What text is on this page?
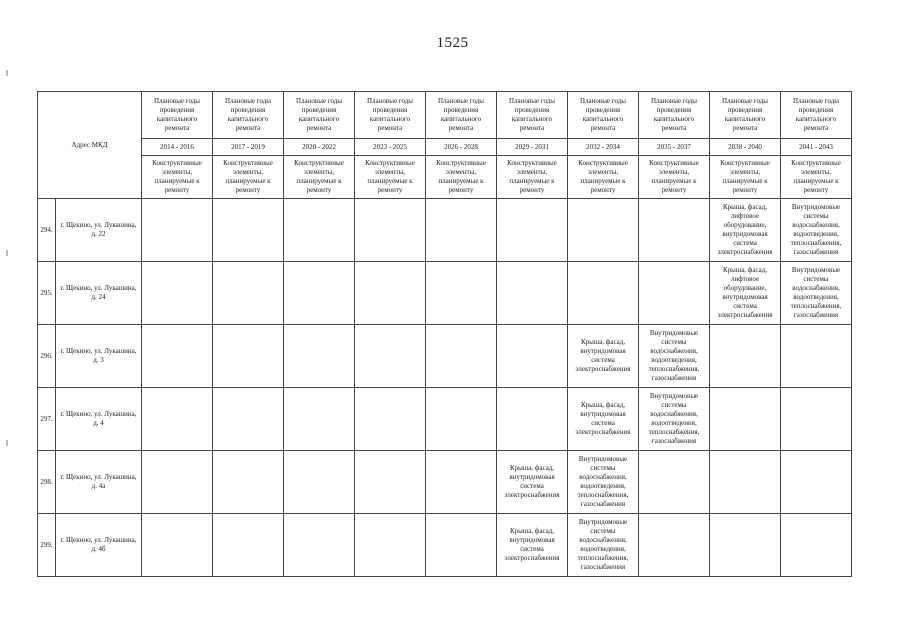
1525
Адрес МКД		Плановые годы проведения капитального ремонта	Плановые годы проведения капитального ремонта	Плановые годы проведения капитального ремонта	Плановые годы проведения капитального ремонта	Плановые годы проведения капитального ремонта	Плановые годы проведения капитального ремонта	Плановые годы проведения капитального ремонта	Плановые годы проведения капитального ремонта	Плановые годы проведения капитального ремонта	Плановые годы проведения капитального ремонта
		2014 - 2016	2017 - 2019	2020 - 2022	2023 - 2025	2026 - 2028	2029 - 2031	2032 - 2034	2035 - 2037	2038 - 2040	2041 - 2043
		Конструктивные элементы, планируемые к ремонту	Конструктивные элементы, планируемые к ремонту	Конструктивные элементы, планируемые к ремонту	Конструктивные элементы, планируемые к ремонту	Конструктивные элементы, планируемые к ремонту	Конструктивные элементы, планируемые к ремонту	Конструктивные элементы, планируемые к ремонту	Конструктивные элементы, планируемые к ремонту	Конструктивные элементы, планируемые к ремонту	Конструктивные элементы, планируемые к ремонту
294.	г. Щекино, ул. Лукашина, д. 22									Крыша, фасад, лифтовое оборудование, внутридомовая система электроснабжения	Внутридомовые системы водоснабжения, водоотведения, теплоснабжения, газоснабжения
295.	г. Щекино, ул. Лукашина, д. 24									Крыша, фасад, лифтовое оборудование, внутридомовая система электроснабжения	Внутридомовые системы водоснабжения, водоотведения, теплоснабжения, газоснабжения
296.	г. Щекино, ул. Лукашина, д. 3							Крыша, фасад, внутридомовая система электроснабжения	Внутридомовые системы водоснабжения, водоотведения, теплоснабжения, газоснабжения		
297.	г. Щекино, ул. Лукашина, д. 4							Крыша, фасад, внутридомовая система электроснабжения	Внутридомовые системы водоснабжения, водоотведения, теплоснабжения, газоснабжения		
298.	г. Щекино, ул. Лукашина, д. 4а						Крыша, фасад, внутридомовая система электроснабжения	Внутридомовые системы водоснабжения, водоотведения, теплоснабжения, газоснабжения			
299.	г. Щекино, ул. Лукашина, д. 4б						Крыша, фасад, внутридомовая система электроснабжения	Внутридомовые системы водоснабжения, водоотведения, теплоснабжения, газоснабжения			
